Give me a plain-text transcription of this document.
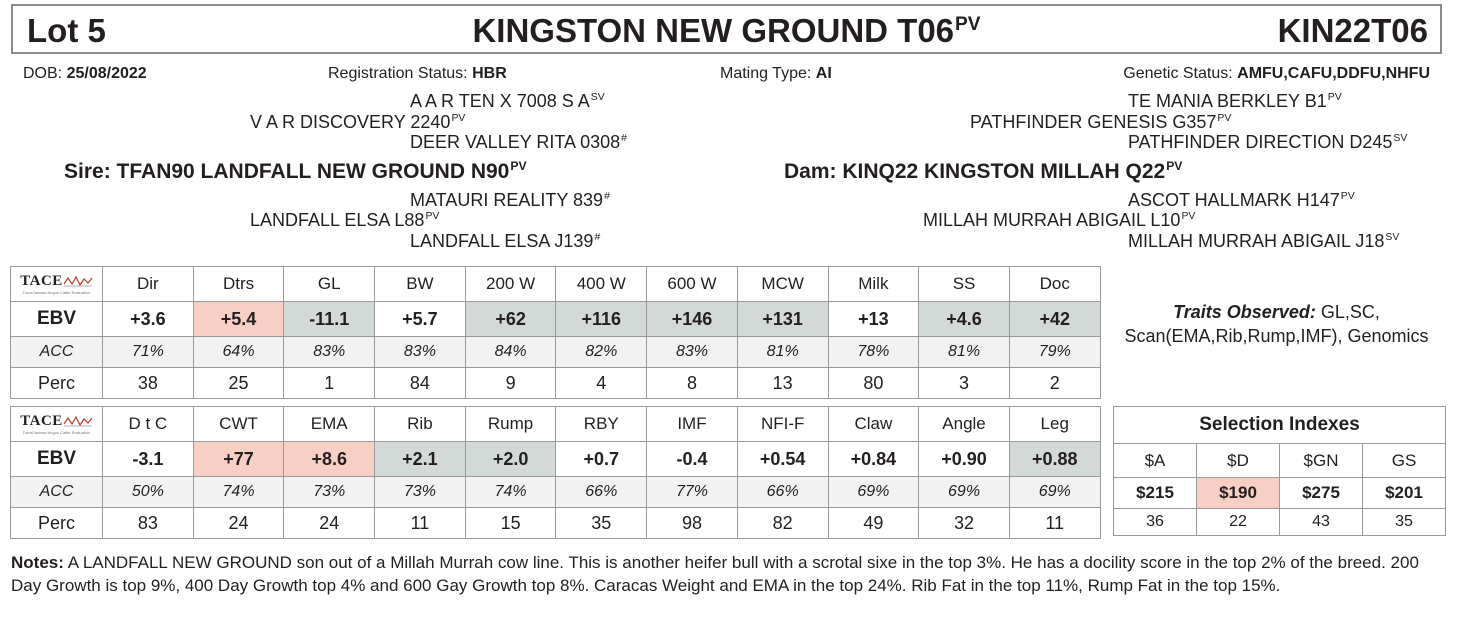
Lot 5	KINGSTON NEW GROUND $T06^{PV}$	KIN22T06
DOB: 25/08/2022	Registration Status: HBR	Mating Type: AI	Genetic Status: AMFU,CAFU,DDFU,NHFU
A A R TEN X 7008 S $A^{SV}$
V A R DISCOVERY $2240^{PV}$
DEER VALLEY RITA 0308#
Sire: TFAN90 LANDFALL NEW GROUND $N90^{PV}$
MATAURI REALITY 839#
LANDFALL ELSA $L88^{PV}$
LANDFALL ELSA J139#
TE MANIA BERKLEY $B1^{PV}$
PATHFINDER GENESIS $G357^{PV}$
PATHFINDER DIRECTION $D245^{SV}$
Dam: KINQ22 KINGSTON MILLAH $Q22^{PV}$
ASCOT HALLMARK $H147^{PV}$
MILLAH MURRAH ABIGAIL $L10^{PV}$
MILLAH MURRAH ABIGAIL $J18^{SV}$
TACE
TransTasman Angus Cattle Evaluation	Dir	Dtrs	GL	BW	200 W	400 W	600 W	MCW	Milk	SS	Doc
EBV	+3.6	+5.4	-11.1	+5.7	+62	+116	+146	+131	+13	+4.6	+42
ACC	71%	64%	83%	83%	84%	82%	83%	81%	78%	81%	79%
Perc	38	25	1	84	9	4	8	13	80	3	2
TACE
TransTasman Angus Cattle Evaluation	D t C	CWT	EMA	Rib	Rump	RBY	IMF	NFI-F	Claw	Angle	Leg
EBV	-3.1	+77	+8.6	+2.1	+2.0	+0.7	-0.4	+0.54	+0.84	+0.90	+0.88
ACC	50%	74%	73%	73%	74%	66%	77%	66%	69%	69%	69%
Perc	83	24	24	11	15	35	98	82	49	32	11
Traits Observed: GL,SC, Scan(EMA,Rib,Rump,IMF), Genomics
Selection Indexes			
$A	$D	$GN	GS
$215	$190	$275	$201
36	22	43	35
Notes: A LANDFALL NEW GROUND son out of a Millah Murrah cow line. This is another heifer bull with a scrotal sixe in the top 3%. He has a docility score in the top 2% of the breed. 200 Day Growth is top 9%, 400 Day Growth top 4% and 600 Gay Growth top 8%. Caracas Weight and EMA in the top 24%. Rib Fat in the top 11%, Rump Fat in the top 15%.
